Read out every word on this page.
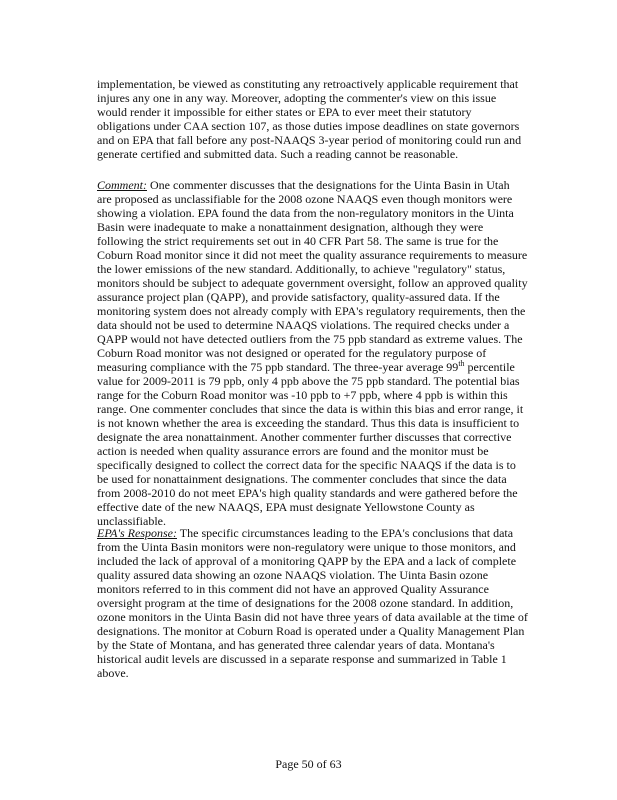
implementation, be viewed as constituting any retroactively applicable requirement that
injures any one in any way. Moreover, adopting the commenter's view on this issue
would render it impossible for either states or EPA to ever meet their statutory
obligations under CAA section 107, as those duties impose deadlines on state governors
and on EPA that fall before any post-NAAQS 3-year period of monitoring could run and
generate certified and submitted data. Such a reading cannot be reasonable.

Comment: One commenter discusses that the designations for the Uinta Basin in Utah
are proposed as unclassifiable for the 2008 ozone NAAQS even though monitors were
showing a violation. EPA found the data from the non-regulatory monitors in the Uinta
Basin were inadequate to make a nonattainment designation, although they were
following the strict requirements set out in 40 CFR Part 58. The same is true for the
Coburn Road monitor since it did not meet the quality assurance requirements to measure
the lower emissions of the new standard. Additionally, to achieve "regulatory" status,
monitors should be subject to adequate government oversight, follow an approved quality
assurance project plan (QAPP), and provide satisfactory, quality-assured data. If the
monitoring system does not already comply with EPA's regulatory requirements, then the
data should not be used to determine NAAQS violations. The required checks under a
QAPP would not have detected outliers from the 75 ppb standard as extreme values. The
Coburn Road monitor was not designed or operated for the regulatory purpose of
measuring compliance with the 75 ppb standard. The three-year average 99th percentile
value for 2009-2011 is 79 ppb, only 4 ppb above the 75 ppb standard. The potential bias
range for the Coburn Road monitor was -10 ppb to +7 ppb, where 4 ppb is within this
range. One commenter concludes that since the data is within this bias and error range, it
is not known whether the area is exceeding the standard. Thus this data is insufficient to
designate the area nonattainment. Another commenter further discusses that corrective
action is needed when quality assurance errors are found and the monitor must be
specifically designed to collect the correct data for the specific NAAQS if the data is to
be used for nonattainment designations. The commenter concludes that since the data
from 2008-2010 do not meet EPA's high quality standards and were gathered before the
effective date of the new NAAQS, EPA must designate Yellowstone County as
unclassifiable.

EPA's Response: The specific circumstances leading to the EPA's conclusions that data
from the Uinta Basin monitors were non-regulatory were unique to those monitors, and
included the lack of approval of a monitoring QAPP by the EPA and a lack of complete
quality assured data showing an ozone NAAQS violation. The Uinta Basin ozone
monitors referred to in this comment did not have an approved Quality Assurance
oversight program at the time of designations for the 2008 ozone standard. In addition,
ozone monitors in the Uinta Basin did not have three years of data available at the time of
designations. The monitor at Coburn Road is operated under a Quality Management Plan
by the State of Montana, and has generated three calendar years of data. Montana's
historical audit levels are discussed in a separate response and summarized in Table 1
above.

Page 50 of 63
